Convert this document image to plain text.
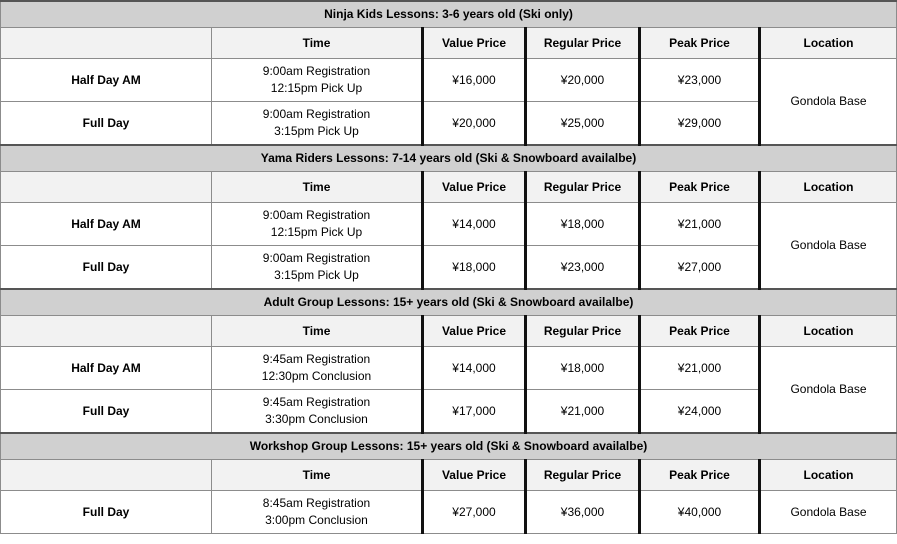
Ninja Kids Lessons: 3-6 years old (Ski only)					
	Time	Value Price	Regular Price	Peak Price	Location
Half Day AM	9:00am Registration
12:15pm Pick Up	¥16,000	¥20,000	¥23,000	Gondola Base
Full Day	9:00am Registration
3:15pm Pick Up	¥20,000	¥25,000	¥29,000	
Yama Riders Lessons: 7-14 years old (Ski & Snowboard availalbe)					
	Time	Value Price	Regular Price	Peak Price	Location
Half Day AM	9:00am Registration
12:15pm Pick Up	¥14,000	¥18,000	¥21,000	Gondola Base
Full Day	9:00am Registration
3:15pm Pick Up	¥18,000	¥23,000	¥27,000	
Adult Group Lessons: 15+ years old (Ski & Snowboard availalbe)					
	Time	Value Price	Regular Price	Peak Price	Location
Half Day AM	9:45am Registration
12:30pm Conclusion	¥14,000	¥18,000	¥21,000	Gondola Base
Full Day	9:45am Registration
3:30pm Conclusion	¥17,000	¥21,000	¥24,000	
Workshop Group Lessons: 15+ years old (Ski & Snowboard availalbe)					
	Time	Value Price	Regular Price	Peak Price	Location
Full Day	8:45am Registration
3:00pm Conclusion	¥27,000	¥36,000	¥40,000	Gondola Base
